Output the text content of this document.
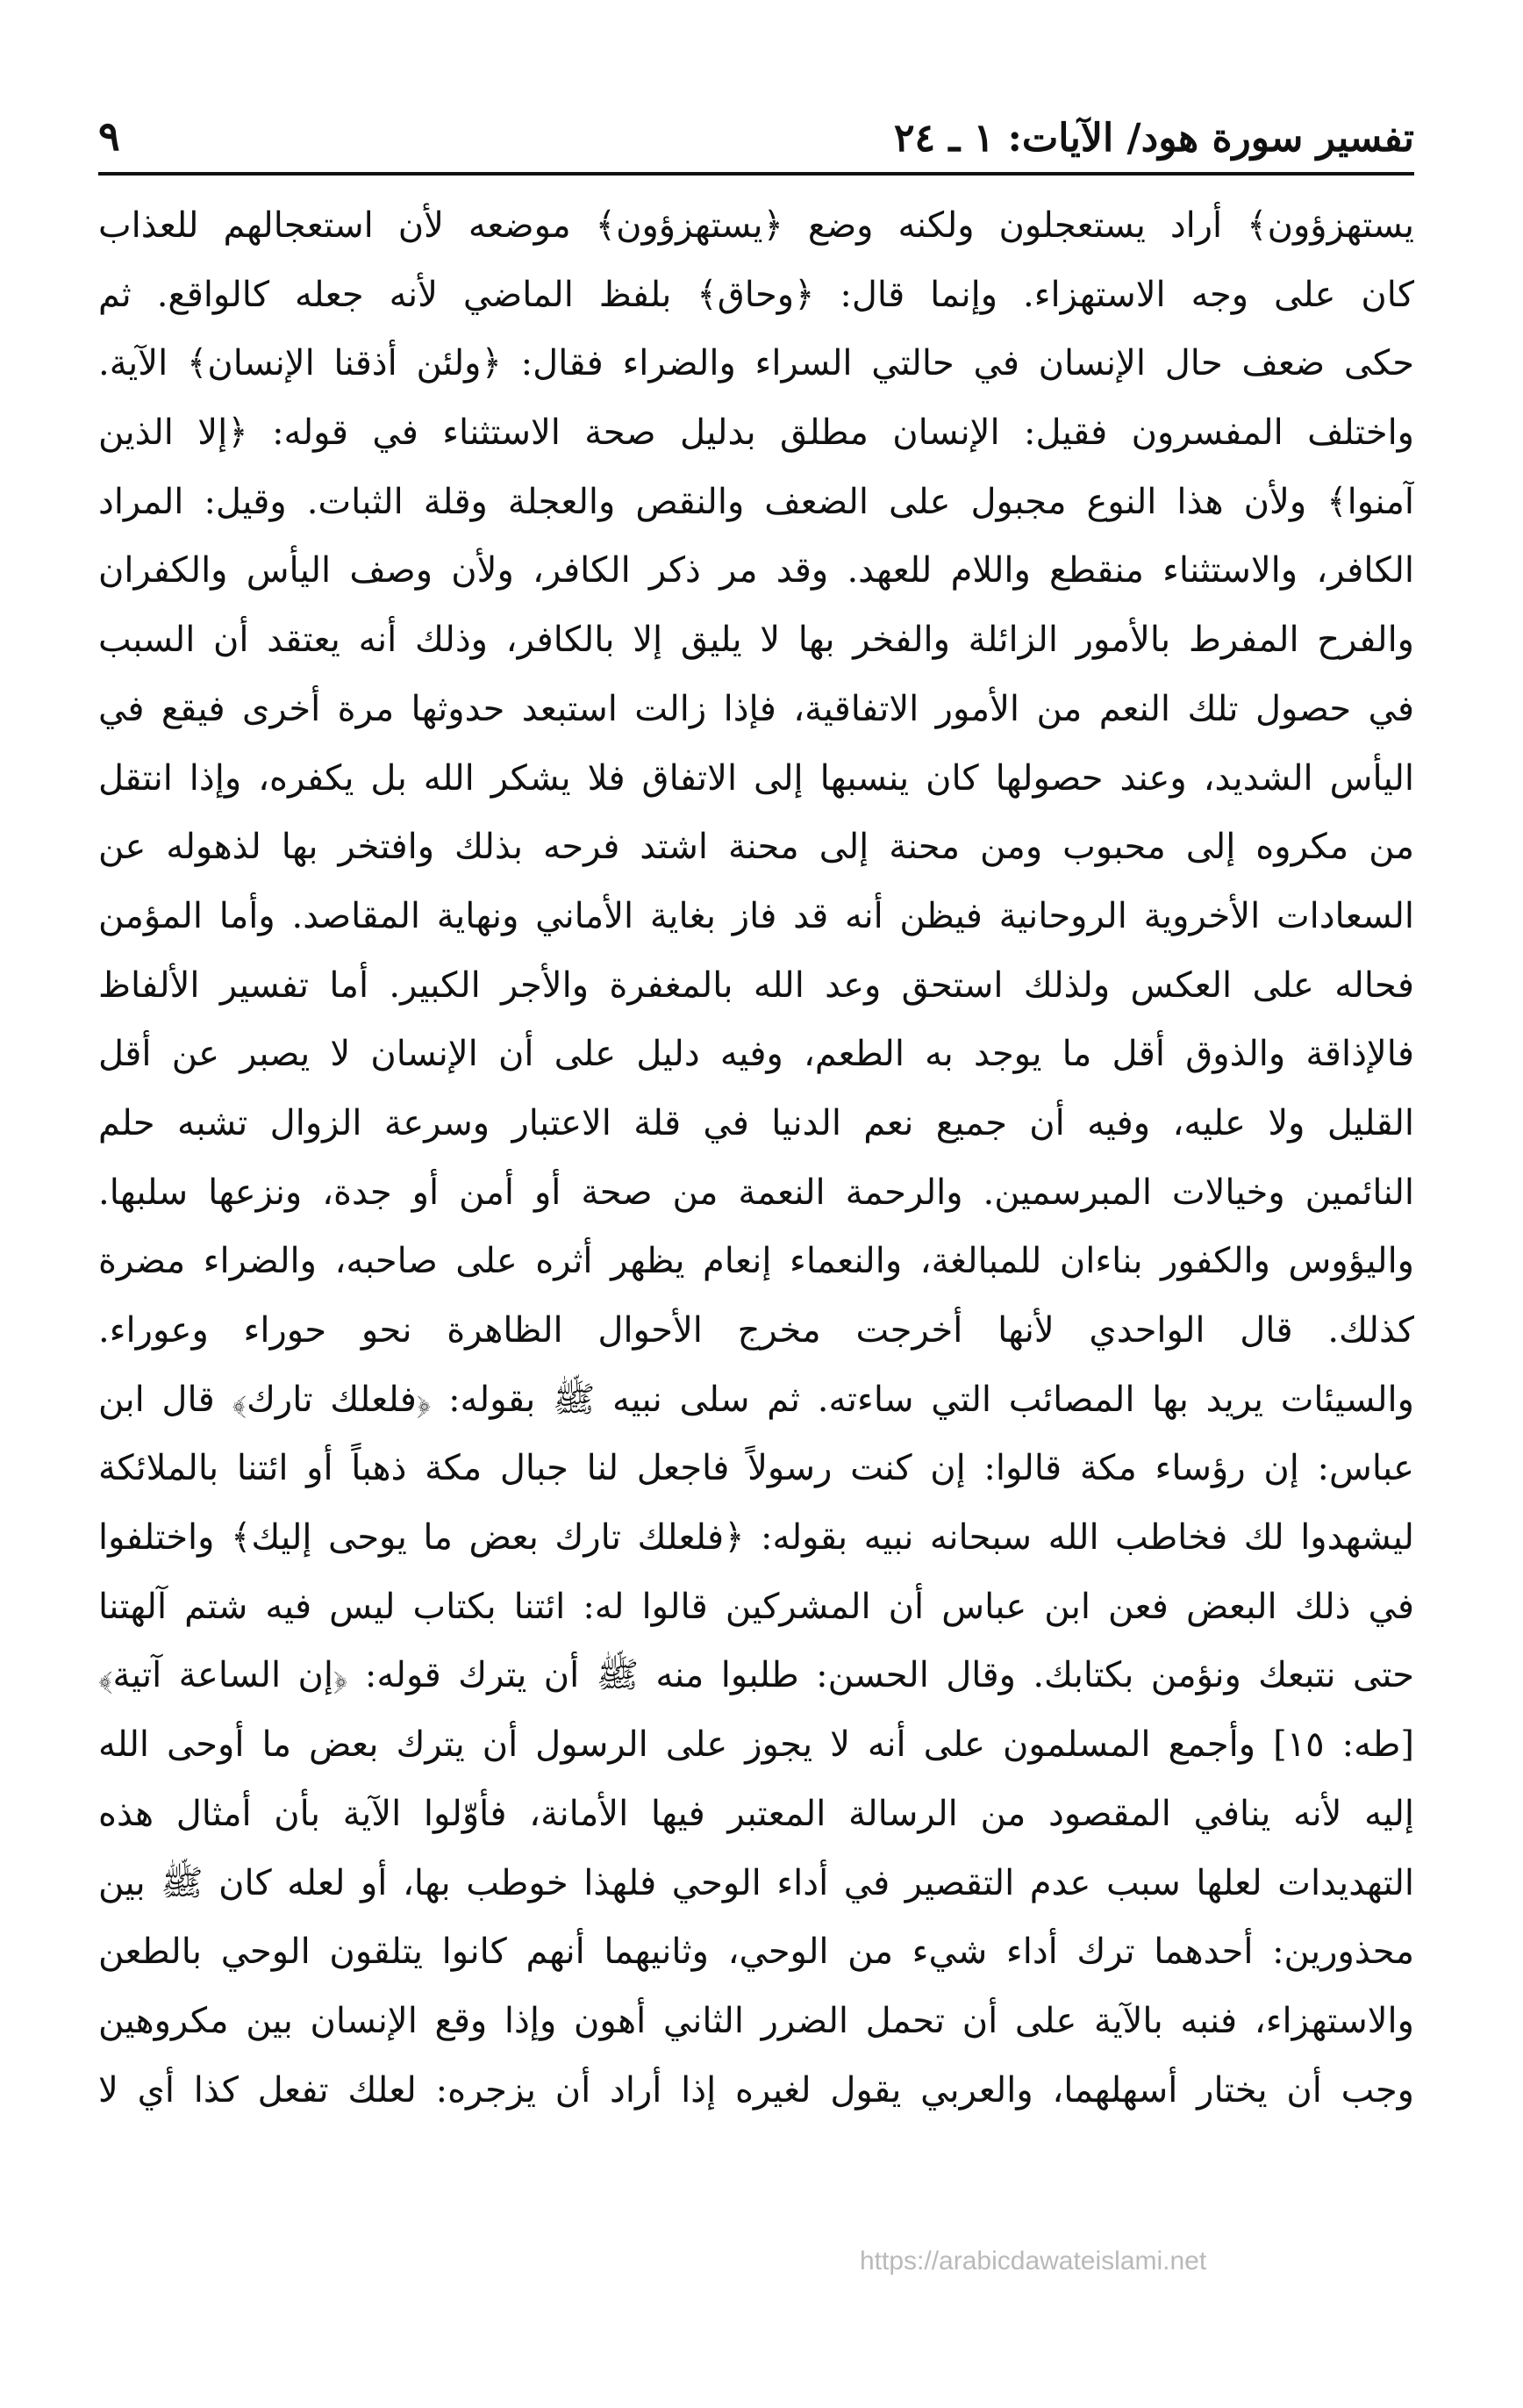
تفسير سورة هود/ الآيات: ١ ـ ٢٤
٩
يستهزؤون﴾ أراد يستعجلون ولكنه وضع ﴿يستهزؤون﴾ موضعه لأن استعجالهم للعذاب
كان على وجه الاستهزاء. وإنما قال: ﴿وحاق﴾ بلفظ الماضي لأنه جعله كالواقع. ثم
حكى ضعف حال الإنسان في حالتي السراء والضراء فقال: ﴿ولئن أذقنا الإنسان﴾ الآية.
واختلف المفسرون فقيل: الإنسان مطلق بدليل صحة الاستثناء في قوله: ﴿إلا الذين
آمنوا﴾ ولأن هذا النوع مجبول على الضعف والنقص والعجلة وقلة الثبات. وقيل: المراد
الكافر، والاستثناء منقطع واللام للعهد. وقد مر ذكر الكافر، ولأن وصف اليأس والكفران
والفرح المفرط بالأمور الزائلة والفخر بها لا يليق إلا بالكافر، وذلك أنه يعتقد أن السبب
في حصول تلك النعم من الأمور الاتفاقية، فإذا زالت استبعد حدوثها مرة أخرى فيقع في
اليأس الشديد، وعند حصولها كان ينسبها إلى الاتفاق فلا يشكر الله بل يكفره، وإذا انتقل
من مكروه إلى محبوب ومن محنة إلى محنة اشتد فرحه بذلك وافتخر بها لذهوله عن
السعادات الأخروية الروحانية فيظن أنه قد فاز بغاية الأماني ونهاية المقاصد. وأما المؤمن
فحاله على العكس ولذلك استحق وعد الله بالمغفرة والأجر الكبير. أما تفسير الألفاظ
فالإذاقة والذوق أقل ما يوجد به الطعم، وفيه دليل على أن الإنسان لا يصبر عن أقل
القليل ولا عليه، وفيه أن جميع نعم الدنيا في قلة الاعتبار وسرعة الزوال تشبه حلم
النائمين وخيالات المبرسمين. والرحمة النعمة من صحة أو أمن أو جدة، ونزعها سلبها.
واليؤوس والكفور بناءان للمبالغة، والنعماء إنعام يظهر أثره على صاحبه، والضراء مضرة
كذلك. قال الواحدي لأنها أخرجت مخرج الأحوال الظاهرة نحو حوراء وعوراء.
والسيئات يريد بها المصائب التي ساءته. ثم سلى نبيه ﷺ بقوله: ﴿فلعلك تارك﴾ قال ابن
عباس: إن رؤساء مكة قالوا: إن كنت رسولاً فاجعل لنا جبال مكة ذهباً أو ائتنا بالملائكة
ليشهدوا لك فخاطب الله سبحانه نبيه بقوله: ﴿فلعلك تارك بعض ما يوحى إليك﴾ واختلفوا
في ذلك البعض فعن ابن عباس أن المشركين قالوا له: ائتنا بكتاب ليس فيه شتم آلهتنا
حتى نتبعك ونؤمن بكتابك. وقال الحسن: طلبوا منه ﷺ أن يترك قوله: ﴿إن الساعة آتية﴾
[طه: ١٥] وأجمع المسلمون على أنه لا يجوز على الرسول أن يترك بعض ما أوحى الله
إليه لأنه ينافي المقصود من الرسالة المعتبر فيها الأمانة، فأوّلوا الآية بأن أمثال هذه
التهديدات لعلها سبب عدم التقصير في أداء الوحي فلهذا خوطب بها، أو لعله كان ﷺ بين
محذورين: أحدهما ترك أداء شيء من الوحي، وثانيهما أنهم كانوا يتلقون الوحي بالطعن
والاستهزاء، فنبه بالآية على أن تحمل الضرر الثاني أهون وإذا وقع الإنسان بين مكروهين
وجب أن يختار أسهلهما، والعربي يقول لغيره إذا أراد أن يزجره: لعلك تفعل كذا أي لا
https://arabicdawateislami.net
